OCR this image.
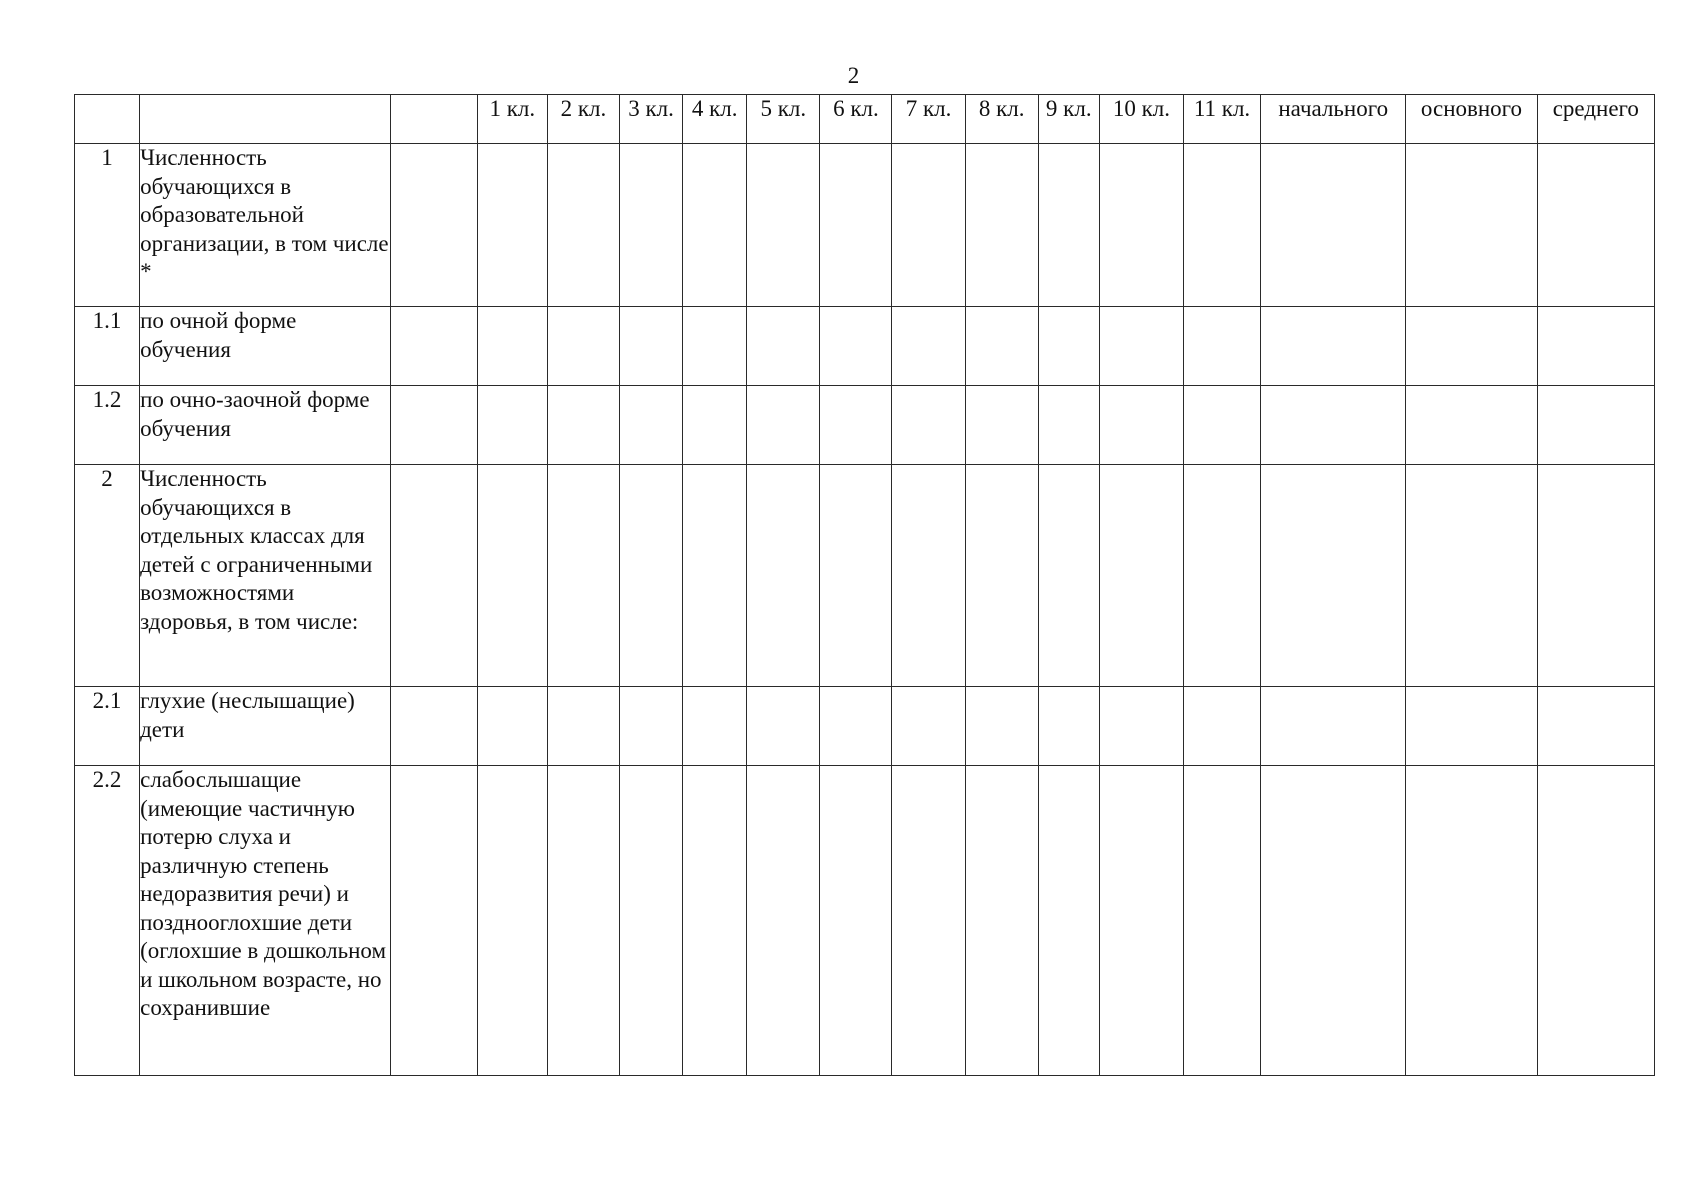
2
			1 кл.	2 кл.	3 кл.	4 кл.	5 кл.	6 кл.	7 кл.	8 кл.	9 кл.	10 кл.	11 кл.	начального	основного	среднего
1	Численность обучающихся в образовательной организации, в том числе *															
1.1	по очной форме обучения															
1.2	по очно-заочной форме обучения															
2	Численность обучающихся в отдельных классах для детей с ограниченными возможностями здоровья, в том числе:															
2.1	глухие (неслышащие) дети															
2.2	слабослышащие (имеющие частичную потерю слуха и различную степень недоразвития речи) и позднооглохшие дети (оглохшие в дошкольном и школьном возрасте, но сохранившие															
